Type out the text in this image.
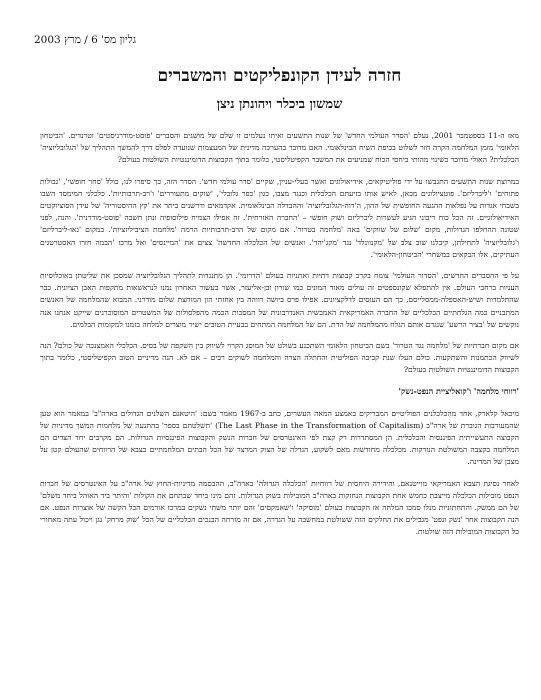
גליון מס' 6 / מרץ 2003
חזרה לעידן הקונפליקטים והמשברים
שמשון ביכלר ויהונתן ניצן

מאז ה-11 בספטמבר 2001, נעלם 'הסדר העולמי החדש' של שנות התשעים ואיתו נעלמים זו שלם של מושגים והסברים 'פוסט-מודרניסטים' וטרנדים. 'הביטחון הלאומי' מזמן המלחמה הקרה חזר לשלוט בכיפת השיח הבינלאומי. האם מדובר בהערכה מדינית של המעצמות שנועדה לפלס דרך להמשך התהליך של 'הגלובליזציה' הכלכלית? האולי מדובר בשינוי מהותי ביחסי הכוח שמניעים את המשבר הקפיטליסטי, כלומר בתוך הקבוצות הדומיננטיות השולטות בעולם?

במרוצת שנות התשעים התגבשו על ידי פוליטיקאים, אידיאולוגים ואשר בעלי-עניין, שקיים 'סדר עולמי חדש'. הסדר הזה, כך סיפרו לנו, כולל 'סחר חופשי', 'גבולות פתוחים' ו'ליברליזם'. פוטציולוגים מכאן, לאיש אותו בזיעתם הכלכלית וכנגד מצבו, כגון 'כפר גלובלי', 'שוקים מתעוררים' ו'רב-תרבותיות'. כלכלני המימסד השבו בשבחי אגדות על נפלאות ההגעה החופשית של ההון, ה'דוה-הגלובליזציה' וההבדלה הבינלאומית. אקדמאים ודרשנים ביתר את 'קץ ההיסטוריה' של עידן הסוציוקטים האידיאולוגיים. זה הכל כוח ריבוני הגיע לעשרות ליברליזם ושוק חופשי – 'החברה האזרחית'. זה אפילו הצמיח פילוסופיה ונתן חשבה 'פוסט-מודרנית'. והנה, לפני שטונה ההחלפו הגדולות, מקום 'שלום של שווקים' באה 'מלחמה בטרור'. אם מקום של הרב-תרבותיות הרמה 'מלחמת הציביליזציות'. במקום 'גאו-ליברליזם' ו'גלובליזציה' לתחילתן, קיבלנו שוב צלב של 'מקנוונלד' נגד 'מקג'יהד'. ואנשים של הכלכלה החדשה' צצים את 'המיינסים' ואל מרכז 'הבמה חזרו האסטרטגים העתיקים, אלו הבקאים במשחרי 'הביטחון-הלאומי'.

על פי ההסברים החדשים, 'הסדור העולמי' צומח בקרב קבוצות דתיות ואתניות בעולם 'הדרומי'. הן מתנגדות לתהליך הגלובליזציה שמסכן את שליטתן באוכלוסיות העניות ברחבי העולם. אין להתפלא שקונספטים זה עולים מאוד המונים כמו שורון ובן-אליעזר, אשר בעשור האחרון נמנו לנראשאות מתקפות האבן הציונית. כבר שהתלמדות ושיש-האספלה-ממסלייסם, כך הם העוסים לדלקציונים. אפילו פרס ביושה רווהה בין אחזתי הון המוחצת שלום מודרני. המבוא שהמלחמה של האנשים המתבניים כמה הגלחתיים הכלכליים של החברה האמריקאית האמבשית האנדרבונית של המסכות הכמה מהפלסולות של המשטרים המוסוכרנים שייקט אנחנו אנה נוקשים של 'בציר הרשע' שנגדם אותם הגלח מהמלחמה של הדת. הם של המלחמה המתחים בבעיית הטובים ישיר מוצרים למלחה בזמנו למקומות הבלמים.

אם מקום חברתיות של 'מלחמה נגד הטרור' בשם הביטחון הלאומי השתכנע בשולט של המוסג הקרוי לשיווק בין השקפה של בסיס. הכלכלי האמצנכה של כולם? הנה לשיווק הכתמנות והשתקעות. כולם העלו שנת קביבה הפוליטית והחתלה הצרה והמלחמה לשוקים רבים – אם לא. הנה מדיניים הטוב הקפיטליסטי, כלומר בתוך הקבוצות הדומיננטיות השולטות בעולם?

'רווחי מלחמה' ו'קואליציית הנפט-נשק'

מיכאל קלארק, אחד מהכלכלנים הפוליטיים המבריקים באמצע המאה העשרים, כתב ב-1967 מאמר בשם: 'היטאגם השלנים הגדולים בארה"ב' במאמר הוא טען שהמעורבות הגוברת של ארה"ב (The Last Phase in the Transformation of Capitalism) 'תשלטתם בספר' בהתנעה של מלחמות המשך מדיניות של הקבוצה התעשייתית הפיננסית והכלכלית. הן המסתדרות רק קצת לפי האינטרסים של חברות הנשק והקבוצות הפיננסיות הגדולות. הם מקרבים יחד הצדים הם המלחמה בקצבה המשולטת הנזדקות. מכלכלה מחודשות מאם לשקוע, הגדלה של הצוק המרצר של הכל הבתים המלחמתיים בצבא של הרווחים שהעולם קטן על מצבן של המדינה.

לאחר נסיגת הצבא האמריקאי מוייטנאם, והידירה היחסית של רווחיות 'הכלכלה הגדולה' בארה"ב, ההבסמה מדיניות-החוץ של ארה"ב על האינטרסים של חברות הנפט מובילות הכלכלה מייצבת כחמש אחת הקבוצות הנחזקות בארה"ב המובילות בשוק הגדולות. זהם מינו ביחד שבתחם את הקולות 'והיתר ביד האוהל ביחד משלם' של הם ממשק. והתחתוניות מנלו סמכו המלחה אז הקבוצות בעולם 'מוסיקה' ו'שאמקסים' זהם יותר משתי נשקים במרכז אורמים הכל הקשה של אוצרות הנפט. אם הנה הקבוצות אחר 'נשק ונפט' מגבילים את החלקים הזה ששולטת במחשבה על הגדרה, אם זה מזרחה הבנכים הכלכליים של הכל 'שוק מרחק' נגן ויכול עתה מאחורי כל הקבוצות המובילות הזה שולטות.
